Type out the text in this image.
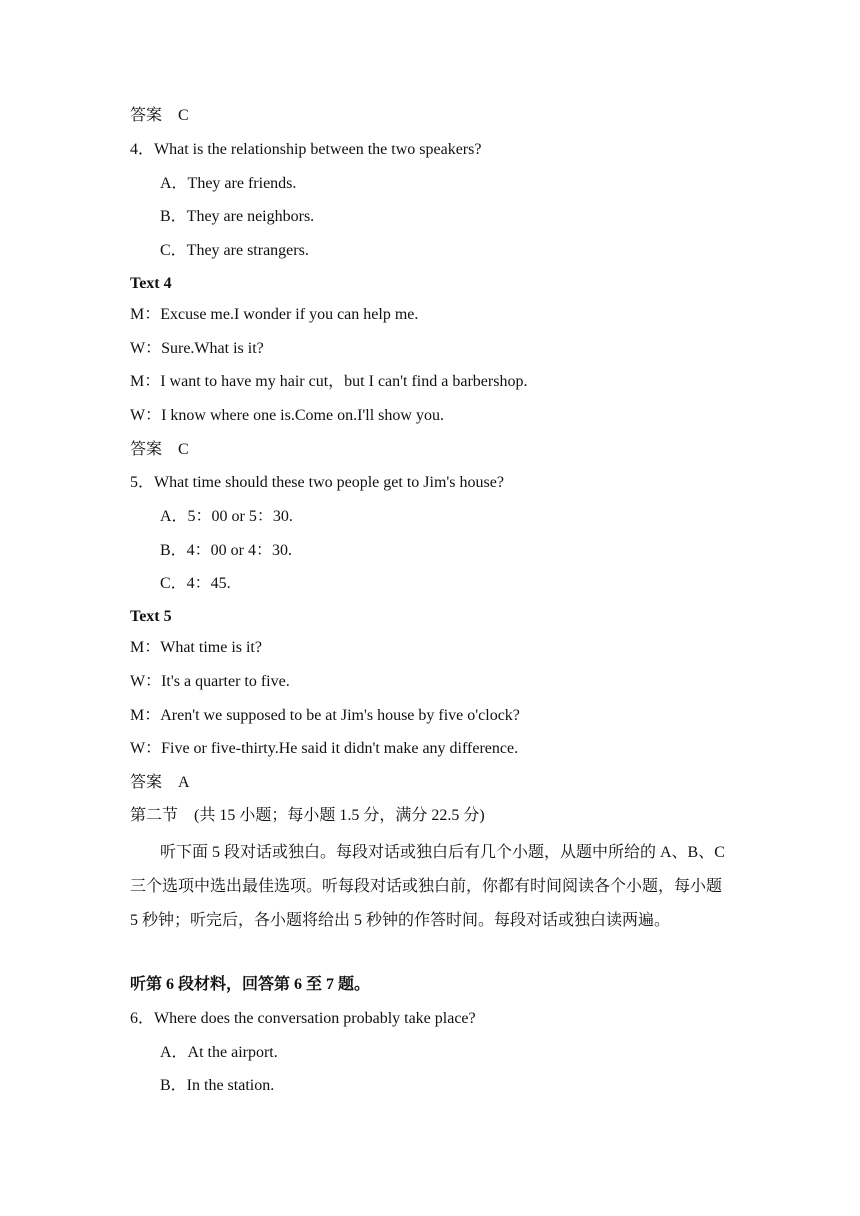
答案　C
4．What is the relationship between the two speakers?
A．They are friends.
B．They are neighbors.
C．They are strangers.
Text 4
M：Excuse me.I wonder if you can help me.
W：Sure.What is it?
M：I want to have my hair cut，but I can't find a barbershop.
W：I know where one is.Come on.I'll show you.
答案　C
5．What time should these two people get to Jim's house?
A．5：00 or 5：30.
B．4：00 or 4：30.
C．4：45.
Text 5
M：What time is it?
W：It's a quarter to five.
M：Aren't we supposed to be at Jim's house by five o'clock?
W：Five or five-thirty.He said it didn't make any difference.
答案　A
第二节　(共 15 小题；每小题 1.5 分，满分 22.5 分)
听下面 5 段对话或独白。每段对话或独白后有几个小题，从题中所给的 A、B、C 三个选项中选出最佳选项。听每段对话或独白前，你都有时间阅读各个小题，每小题 5 秒钟；听完后，各小题将给出 5 秒钟的作答时间。每段对话或独白读两遍。
听第 6 段材料，回答第 6 至 7 题。
6．Where does the conversation probably take place?
A．At the airport.
B．In the station.
